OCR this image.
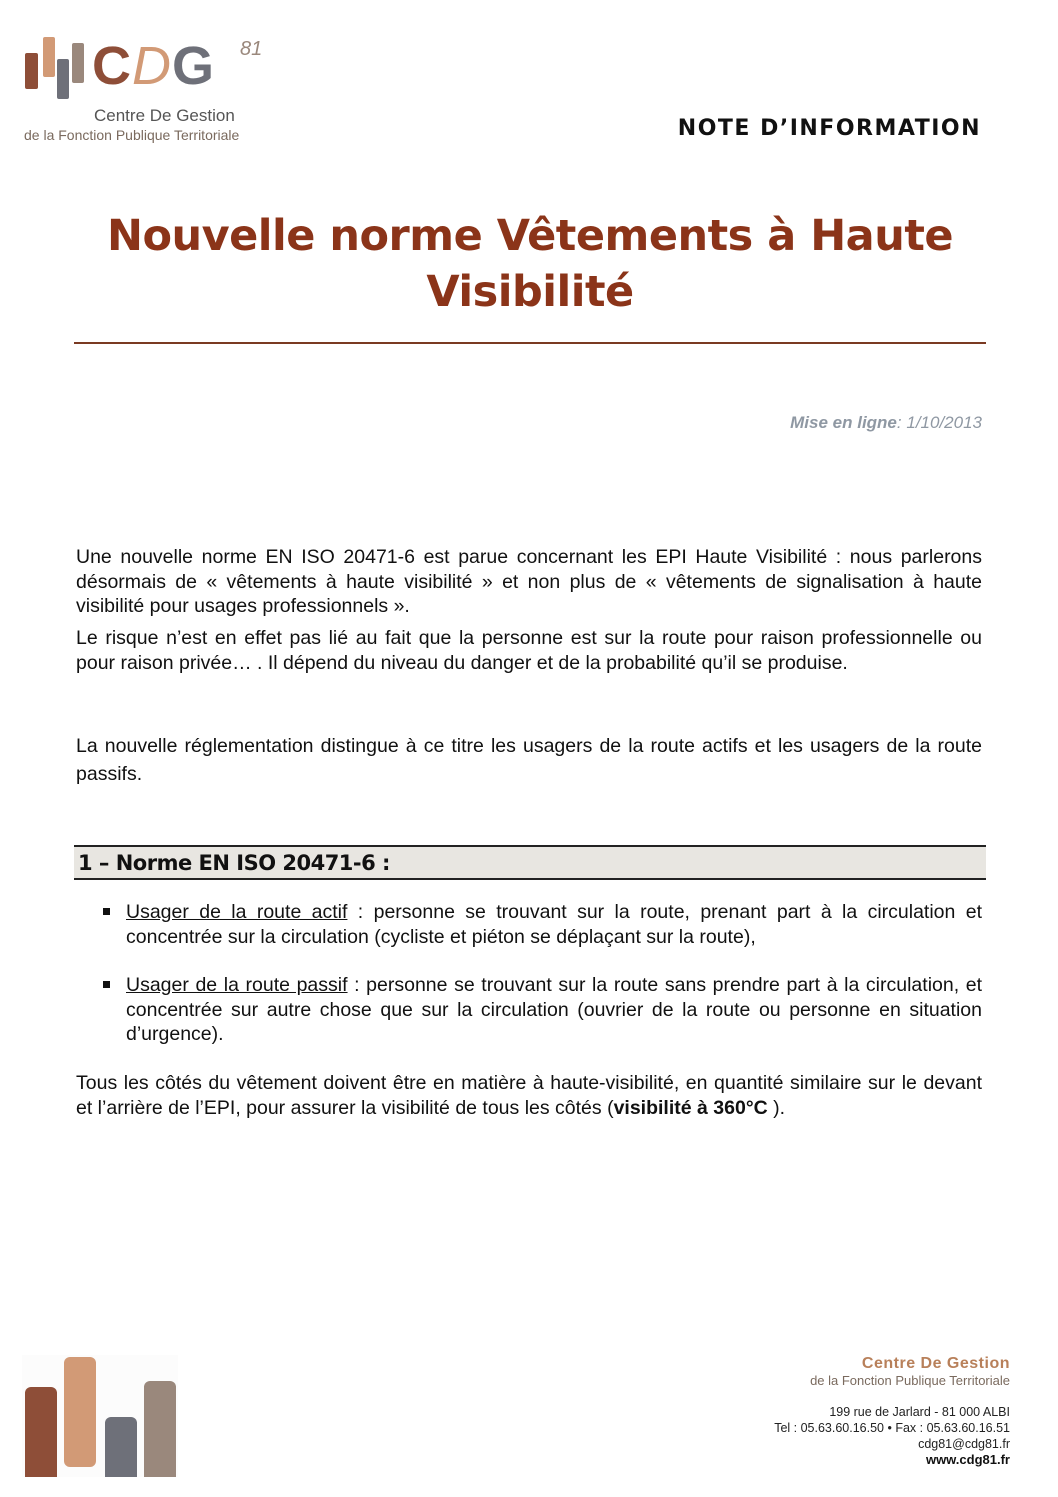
CDG 81
Centre De Gestion
de la Fonction Publique Territoriale	NOTE D’INFORMATION
Nouvelle norme Vêtements à Haute
Visibilité
Mise en ligne: 1/10/2013

Une nouvelle norme EN ISO 20471-6 est parue concernant les EPI Haute Visibilité : nous parlerons désormais de « vêtements à haute visibilité » et non plus de « vêtements de signalisation à haute visibilité pour usages professionnels ».

Le risque n’est en effet pas lié au fait que la personne est sur la route pour raison professionnelle ou pour raison privée… . Il dépend du niveau du danger et de la probabilité qu’il se produise.

La nouvelle réglementation distingue à ce titre les usagers de la route actifs et les usagers de la route passifs.

1 – Norme EN ISO 20471-6 :
Usager de la route actif : personne se trouvant sur la route, prenant part à la circulation et concentrée sur la circulation (cycliste et piéton se déplaçant sur la route),
Usager de la route passif : personne se trouvant sur la route sans prendre part à la circulation, et concentrée sur autre chose que sur la circulation (ouvrier de la route ou personne en situation d’urgence).

Tous les côtés du vêtement doivent être en matière à haute-visibilité, en quantité similaire sur le devant et l’arrière de l’EPI, pour assurer la visibilité de tous les côtés (visibilité à 360°C ).

Centre De Gestion
de la Fonction Publique Territoriale
199 rue de Jarlard - 81 000 ALBI
Tel : 05.63.60.16.50 • Fax : 05.63.60.16.51
cdg81@cdg81.fr
www.cdg81.fr
